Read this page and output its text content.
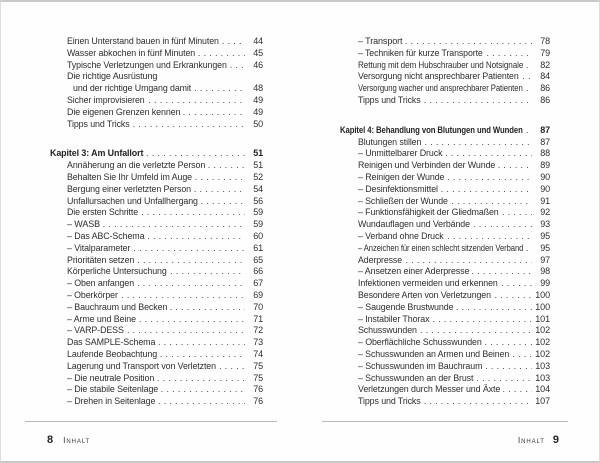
Einen Unterstand bauen in fünf Minuten .....	44
Wasser abkochen in fünf Minuten .....	45
Typische Verletzungen und Erkrankungen .....	46
Die richtige Ausrüstung
und der richtige Umgang damit .....	48
Sicher improvisieren .....	49
Die eigenen Grenzen kennen .....	49
Tipps und Tricks .....	50
Kapitel 3: Am Unfallort .....	51
Annäherung an die verletzte Person .....	51
Behalten Sie Ihr Umfeld im Auge .....	52
Bergung einer verletzten Person .....	54
Unfallursachen und Unfallhergang .....	56
Die ersten Schritte .....	59
– WASB .....	59
– Das ABC-Schema .....	60
– Vitalparameter .....	61
Prioritäten setzen .....	65
Körperliche Untersuchung .....	66
– Oben anfangen .....	67
– Oberkörper .....	69
– Bauchraum und Becken .....	70
– Arme und Beine .....	71
– VARP-DESS .....	72
Das SAMPLE-Schema .....	73
Laufende Beobachtung .....	74
Lagerung und Transport von Verletzten .....	75
– Die neutrale Position .....	75
– Die stabile Seitenlage .....	76
– Drehen in Seitenlage .....	76
– Transport .....	78
– Techniken für kurze Transporte .....	79
Rettung mit dem Hubschrauber und Notsignale .....	82
Versorgung nicht ansprechbarer Patienten .....	84
Versorgung wacher und ansprechbarer Patienten .....	86
Tipps und Tricks .....	86
Kapitel 4: Behandlung von Blutungen und Wunden .....	87
Blutungen stillen .....	87
– Unmittelbarer Druck .....	88
Reinigen und Verbinden der Wunde .....	89
– Reinigen der Wunde .....	90
– Desinfektionsmittel .....	90
– Schließen der Wunde .....	91
– Funktionsfähigkeit der Gliedmaßen .....	92
Wundauflagen und Verbände .....	93
– Verband ohne Druck .....	95
– Anzeichen für einen schlecht sitzenden Verband .....	95
Aderpresse .....	97
– Ansetzen einer Aderpresse .....	98
Infektionen vermeiden und erkennen .....	99
Besondere Arten von Verletzungen .....	100
– Saugende Brustwunde .....	100
– Instabiler Thorax .....	101
Schusswunden .....	102
– Oberflächliche Schusswunden .....	102
– Schusswunden an Armen und Beinen .....	102
– Schusswunden im Bauchraum .....	103
– Schusswunden an der Brust .....	103
Verletzungen durch Messer und Äxte .....	104
Tipps und Tricks .....	107
8 Inhalt	Inhalt 9
